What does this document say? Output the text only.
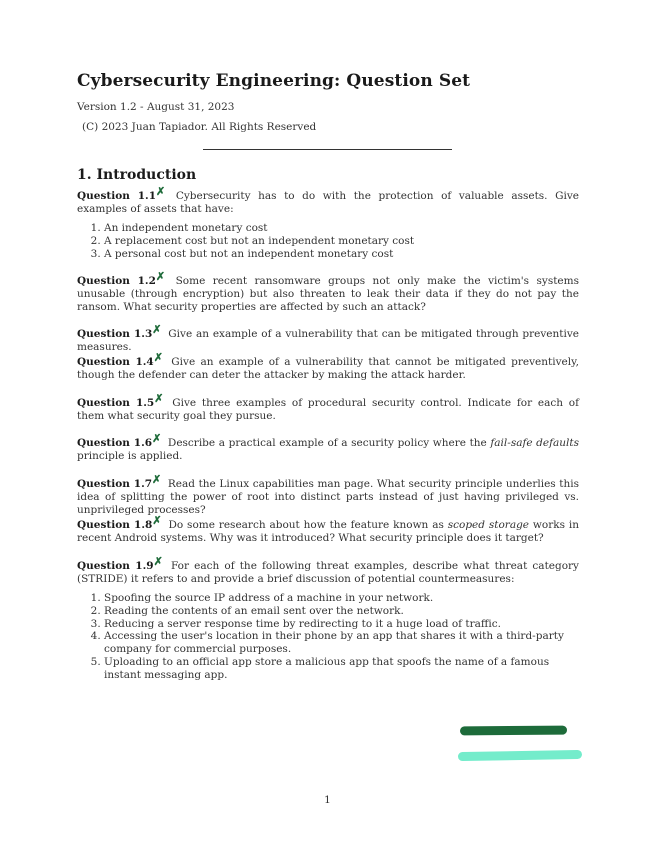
Cybersecurity Engineering: Question Set
Version 1.2 - August 31, 2023
(C) 2023 Juan Tapiador. All Rights Reserved
1. Introduction
Question 1.1✗ Cybersecurity has to do with the protection of valuable assets. Give examples of assets that have:
1. An independent monetary cost
2. A replacement cost but not an independent monetary cost
3. A personal cost but not an independent monetary cost
Question 1.2✗ Some recent ransomware groups not only make the victim's systems unusable (through encryption) but also threaten to leak their data if they do not pay the ransom. What security properties are affected by such an attack?
Question 1.3✗ Give an example of a vulnerability that can be mitigated through preventive measures.
Question 1.4✗ Give an example of a vulnerability that cannot be mitigated preventively, though the defender can deter the attacker by making the attack harder.
Question 1.5✗ Give three examples of procedural security control. Indicate for each of them what security goal they pursue.
Question 1.6✗ Describe a practical example of a security policy where the fail-safe defaults principle is applied.
Question 1.7✗ Read the Linux capabilities man page. What security principle underlies this idea of splitting the power of root into distinct parts instead of just having privileged vs. unprivileged processes?
Question 1.8✗ Do some research about how the feature known as scoped storage works in recent Android systems. Why was it introduced? What security principle does it target?
Question 1.9✗ For each of the following threat examples, describe what threat category (STRIDE) it refers to and provide a brief discussion of potential countermeasures:
1. Spoofing the source IP address of a machine in your network.
2. Reading the contents of an email sent over the network.
3. Reducing a server response time by redirecting to it a huge load of traffic.
4. Accessing the user's location in their phone by an app that shares it with a third-party company for commercial purposes.
5. Uploading to an official app store a malicious app that spoofs the name of a famous instant messaging app.
1
